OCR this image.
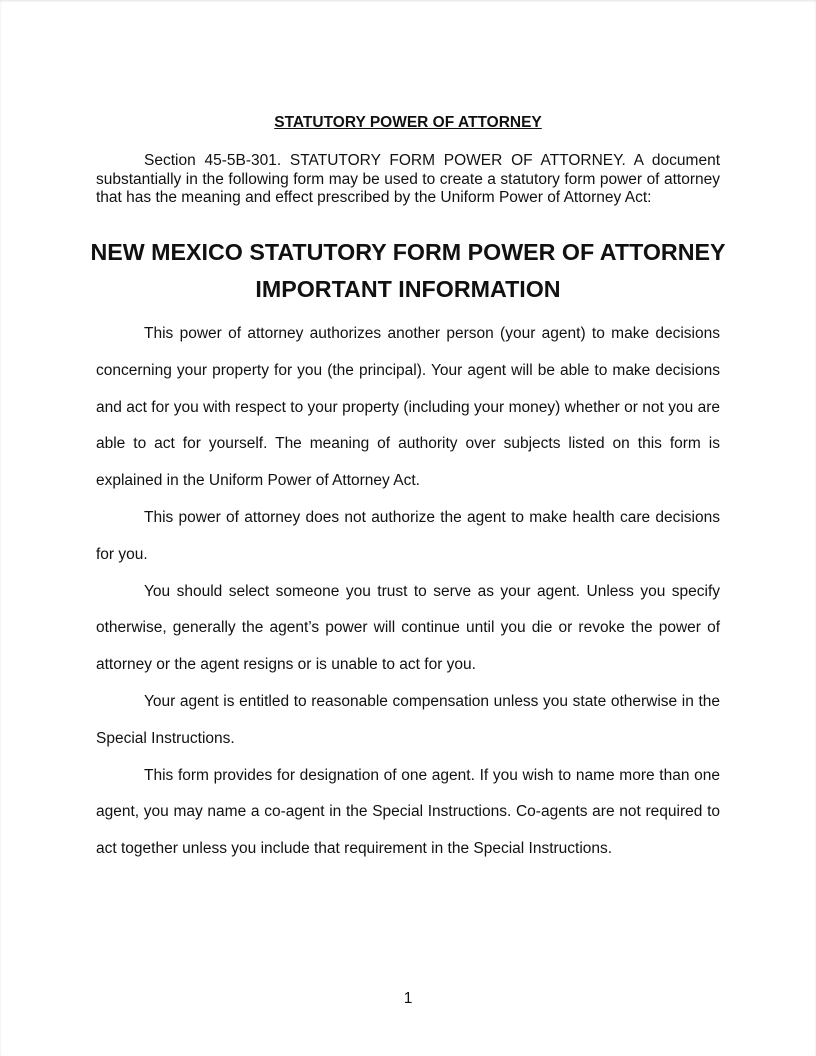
STATUTORY POWER OF ATTORNEY

Section 45-5B-301. STATUTORY FORM POWER OF ATTORNEY. A document substantially in the following form may be used to create a statutory form power of attorney that has the meaning and effect prescribed by the Uniform Power of Attorney Act:

NEW MEXICO STATUTORY FORM POWER OF ATTORNEY
IMPORTANT INFORMATION

This power of attorney authorizes another person (your agent) to make decisions concerning your property for you (the principal). Your agent will be able to make decisions and act for you with respect to your property (including your money) whether or not you are able to act for yourself. The meaning of authority over subjects listed on this form is explained in the Uniform Power of Attorney Act.

This power of attorney does not authorize the agent to make health care decisions for you.

You should select someone you trust to serve as your agent. Unless you specify otherwise, generally the agent’s power will continue until you die or revoke the power of attorney or the agent resigns or is unable to act for you.

Your agent is entitled to reasonable compensation unless you state otherwise in the Special Instructions.

This form provides for designation of one agent. If you wish to name more than one agent, you may name a co-agent in the Special Instructions. Co-agents are not required to act together unless you include that requirement in the Special Instructions.

1
